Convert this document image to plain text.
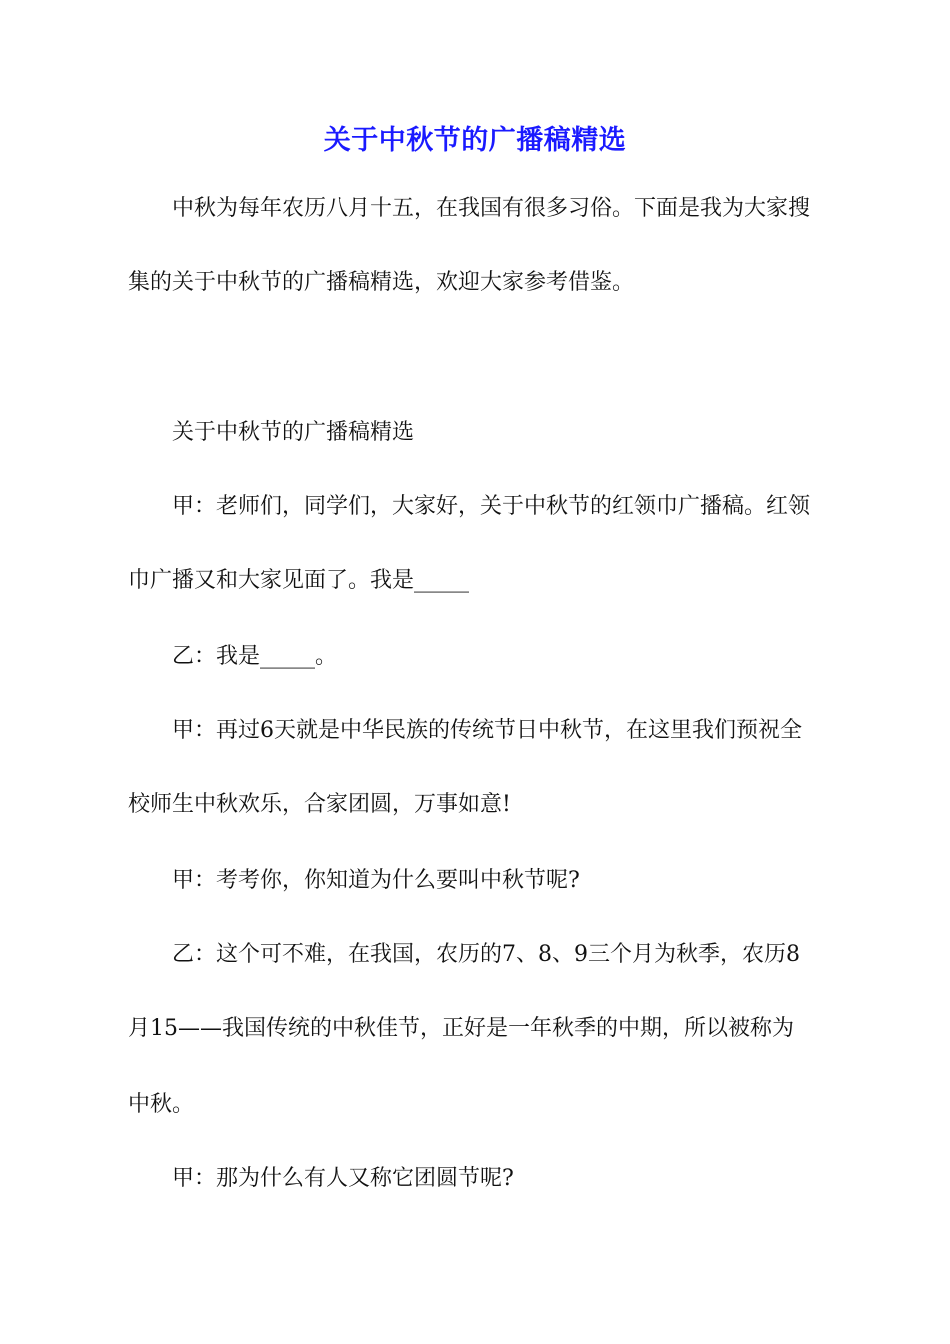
关于中秋节的广播稿精选
中秋为每年农历八月十五，在我国有很多习俗。下面是我为大家搜
集的关于中秋节的广播稿精选，欢迎大家参考借鉴。
关于中秋节的广播稿精选
甲：老师们，同学们，大家好，关于中秋节的红领巾广播稿。红领
巾广播又和大家见面了。我是_____
乙：我是_____。
甲：再过6天就是中华民族的传统节日中秋节，在这里我们预祝全
校师生中秋欢乐，合家团圆，万事如意!
甲：考考你，你知道为什么要叫中秋节呢?
乙：这个可不难，在我国，农历的7、8、9三个月为秋季，农历8
月15——我国传统的中秋佳节，正好是一年秋季的中期，所以被称为
中秋。
甲：那为什么有人又称它团圆节呢?
